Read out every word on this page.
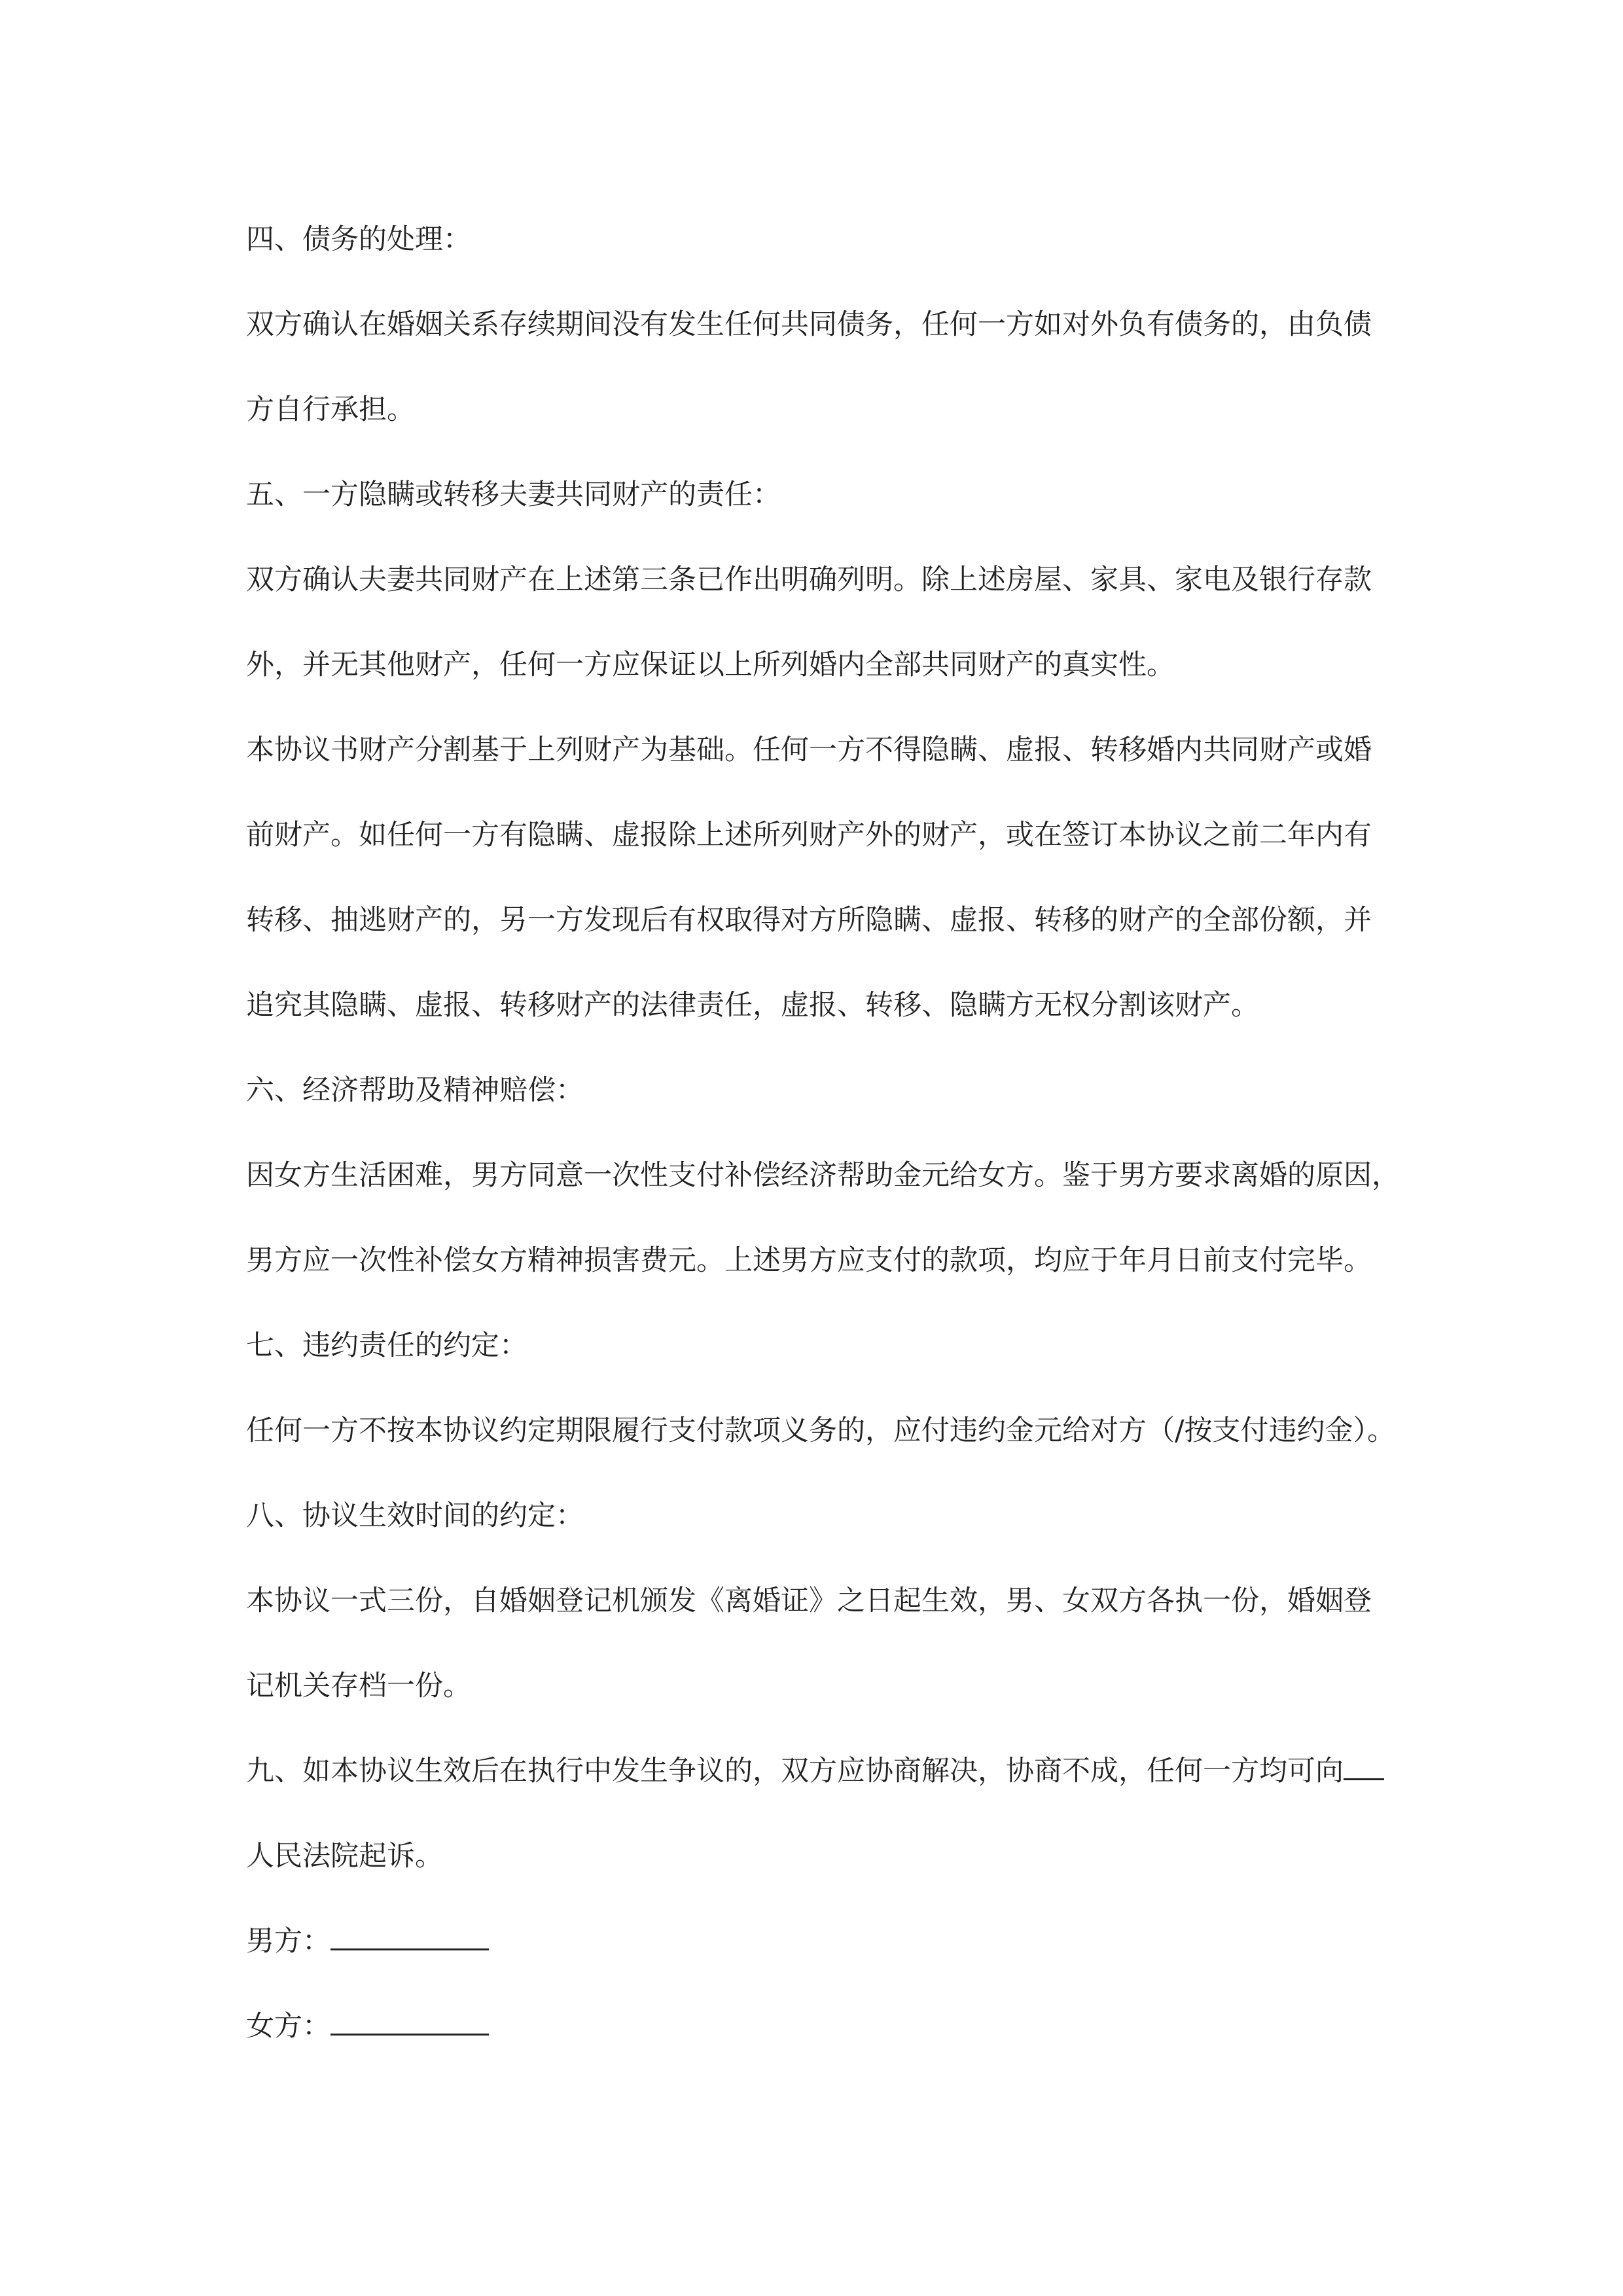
四、债务的处理：
双方确认在婚姻关系存续期间没有发生任何共同债务，任何一方如对外负有债务的，由负债
方自行承担。
五、一方隐瞒或转移夫妻共同财产的责任：
双方确认夫妻共同财产在上述第三条已作出明确列明。除上述房屋、家具、家电及银行存款
外，并无其他财产，任何一方应保证以上所列婚内全部共同财产的真实性。
本协议书财产分割基于上列财产为基础。任何一方不得隐瞒、虚报、转移婚内共同财产或婚
前财产。如任何一方有隐瞒、虚报除上述所列财产外的财产，或在签订本协议之前二年内有
转移、抽逃财产的，另一方发现后有权取得对方所隐瞒、虚报、转移的财产的全部份额，并
追究其隐瞒、虚报、转移财产的法律责任，虚报、转移、隐瞒方无权分割该财产。
六、经济帮助及精神赔偿：
因女方生活困难，男方同意一次性支付补偿经济帮助金元给女方。鉴于男方要求离婚的原因，
男方应一次性补偿女方精神损害费元。上述男方应支付的款项，均应于年月日前支付完毕。
七、违约责任的约定：
任何一方不按本协议约定期限履行支付款项义务的，应付违约金元给对方（/按支付违约金）。
八、协议生效时间的约定：
本协议一式三份，自婚姻登记机颁发《离婚证》之日起生效，男、女双方各执一份，婚姻登
记机关存档一份。
九、如本协议生效后在执行中发生争议的，双方应协商解决，协商不成，任何一方均可向
人民法院起诉。
男方：
女方：
